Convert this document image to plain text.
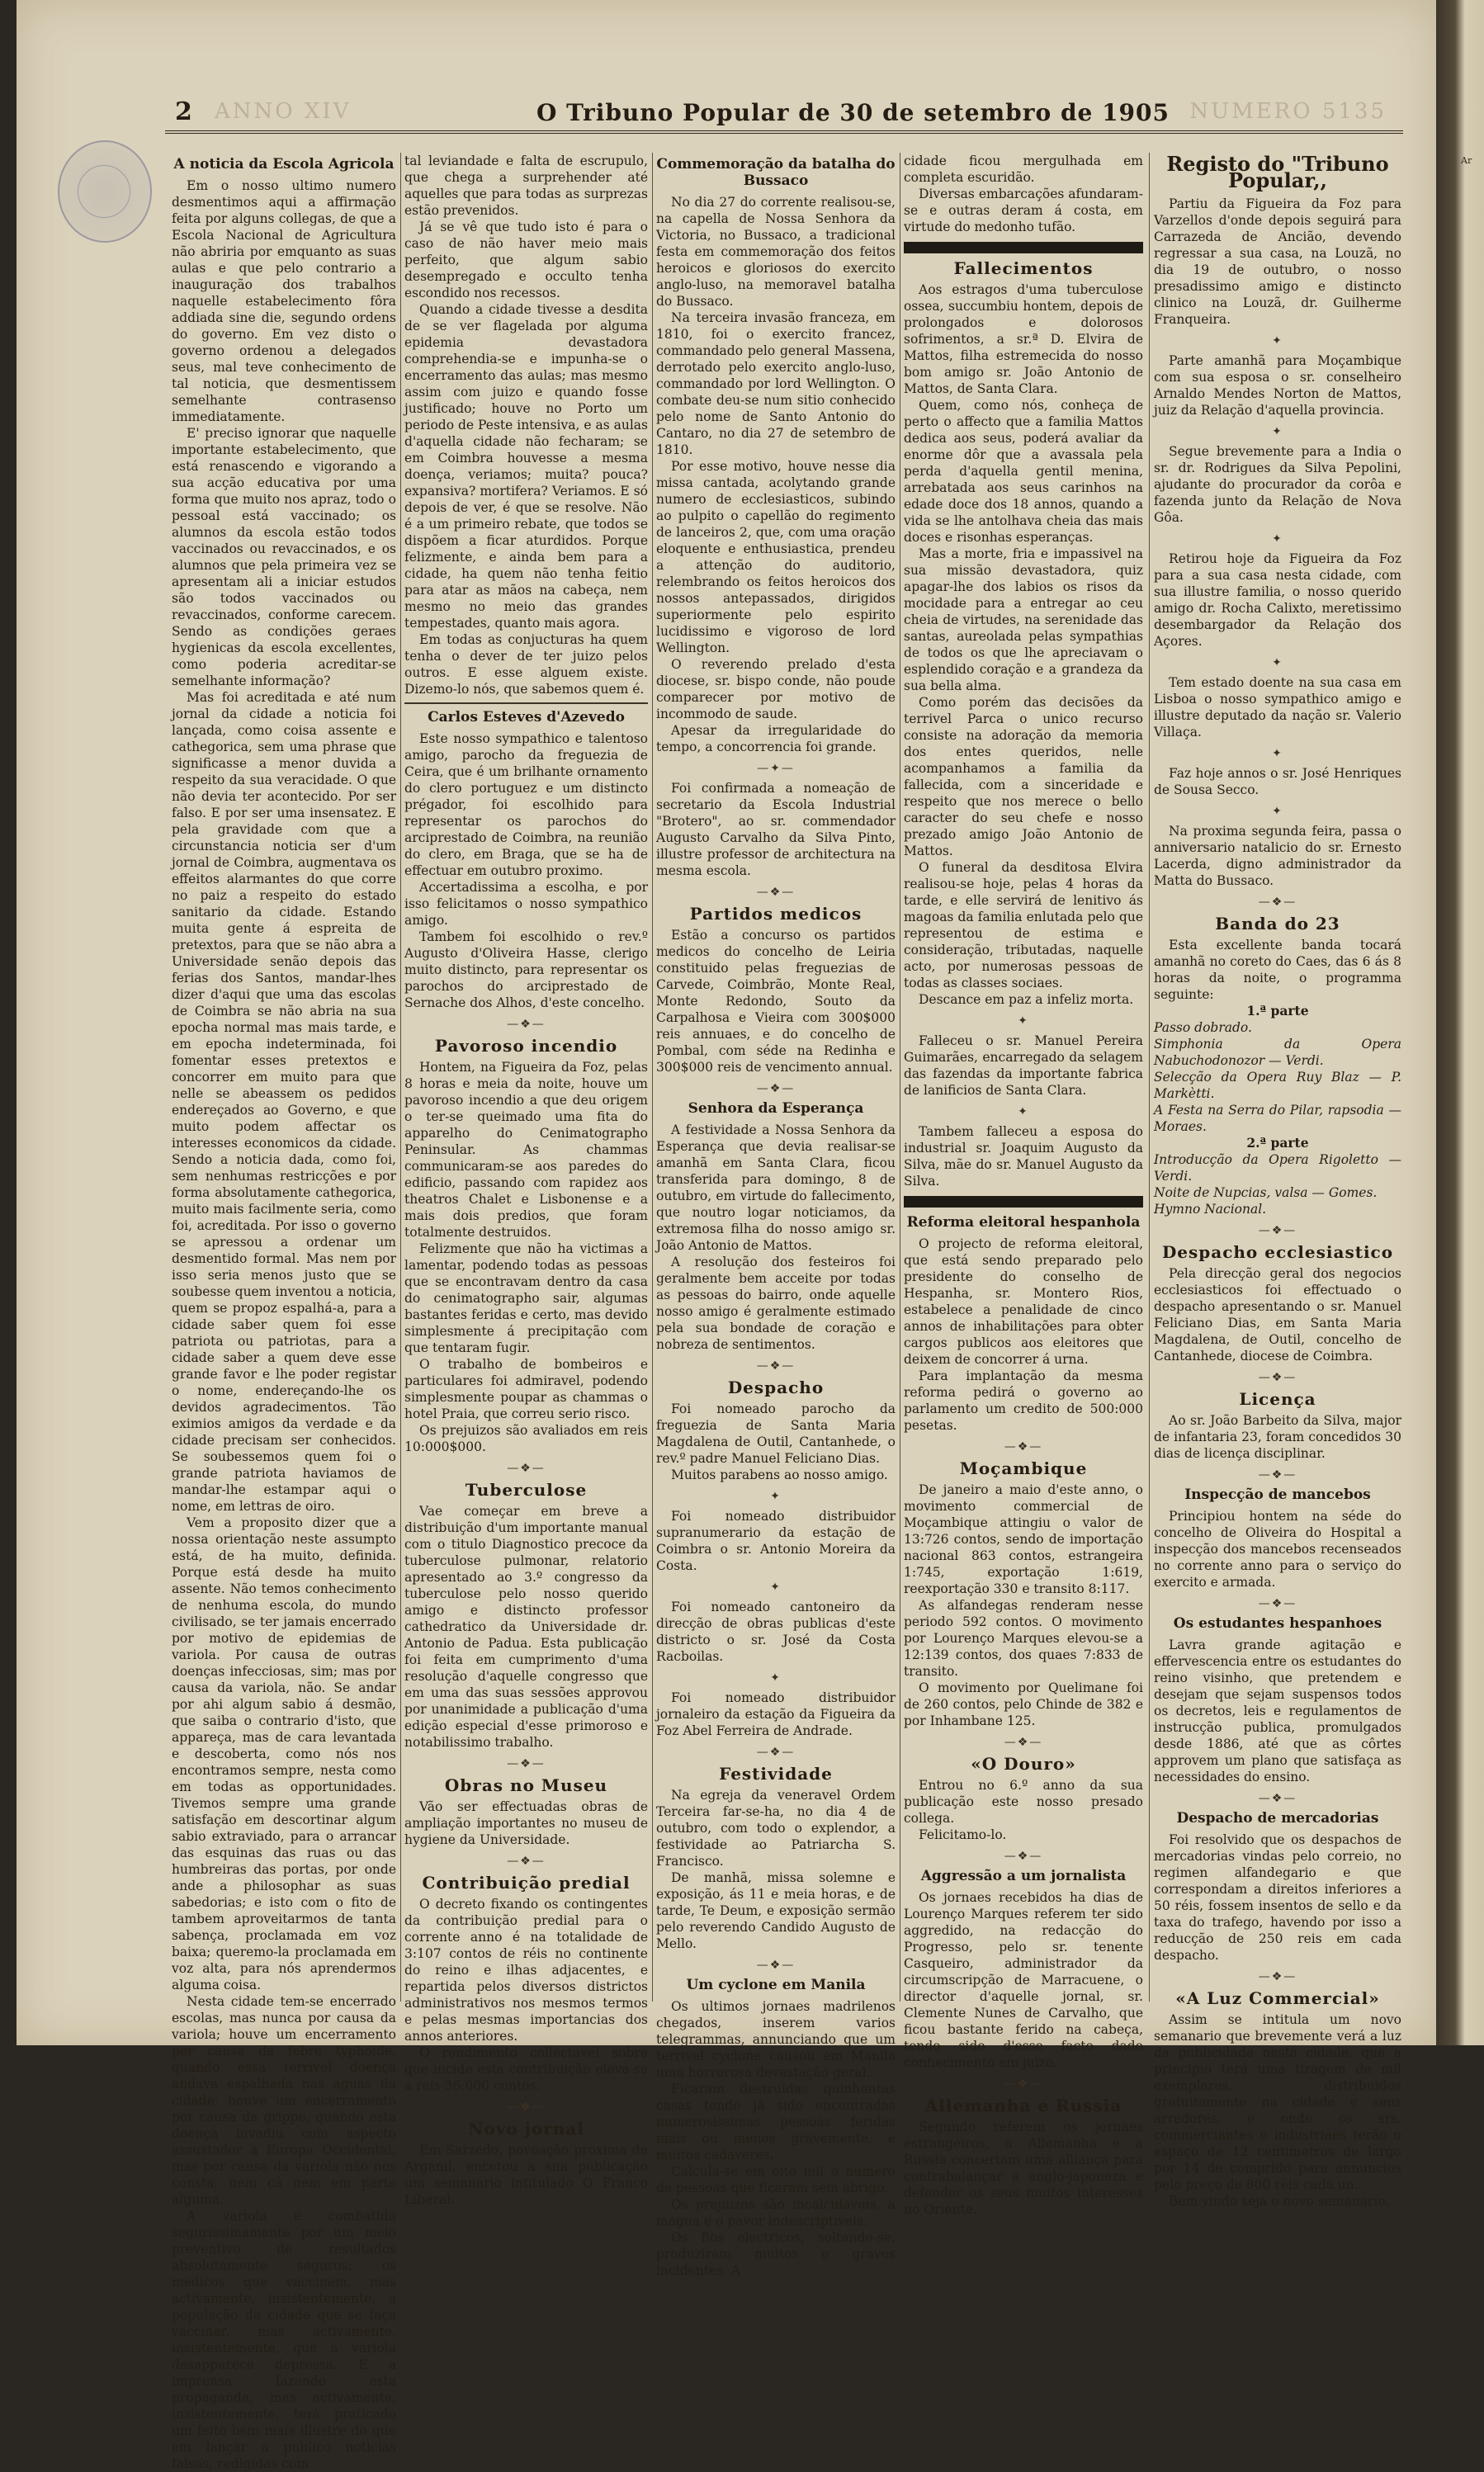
2 ANNO XIV	O Tribuno Popular de 30 de setembro de 1905 NUMERO 5135
A noticia da Escola Agricola

Em o nosso ultimo numero desmentimos aqui a affirmação feita por alguns collegas, de que a Escola Nacional de Agricultura não abriria por emquanto as suas aulas e que pelo contrario a inauguração dos trabalhos naquelle estabelecimento fôra addiada sine die, segundo ordens do governo. Em vez disto o governo ordenou a delegados seus, mal teve conhecimento de tal noticia, que desmentissem semelhante contrasenso immediatamente.

E' preciso ignorar que naquelle importante estabelecimento, que está renascendo e vigorando a sua acção educativa por uma forma que muito nos apraz, todo o pessoal está vaccinado; os alumnos da escola estão todos vaccinados ou revaccinados, e os alumnos que pela primeira vez se apresentam ali a iniciar estudos são todos vaccinados ou revaccinados, conforme carecem. Sendo as condições geraes hygienicas da escola excellentes, como poderia acreditar-se semelhante informação?

Mas foi acreditada e até num jornal da cidade a noticia foi lançada, como coisa assente e cathegorica, sem uma phrase que significasse a menor duvida a respeito da sua veracidade. O que não devia ter acontecido. Por ser falso. E por ser uma insensatez. E pela gravidade com que a circunstancia noticia ser d'um jornal de Coimbra, augmentava os effeitos alarmantes do que corre no paiz a respeito do estado sanitario da cidade. Estando muita gente á espreita de pretextos, para que se não abra a Universidade senão depois das ferias dos Santos, mandar-lhes dizer d'aqui que uma das escolas de Coimbra se não abria na sua epocha normal mas mais tarde, e em epocha indeterminada, foi fomentar esses pretextos e concorrer em muito para que nelle se abeassem os pedidos endereçados ao Governo, e que muito podem affectar os interesses economicos da cidade. Sendo a noticia dada, como foi, sem nenhumas restricções e por forma absolutamente cathegorica, muito mais facilmente seria, como foi, acreditada. Por isso o governo se apressou a ordenar um desmentido formal. Mas nem por isso seria menos justo que se soubesse quem inventou a noticia, quem se propoz espalhá-a, para a cidade saber quem foi esse patriota ou patriotas, para a cidade saber a quem deve esse grande favor e lhe poder registar o nome, endereçando-lhe os devidos agradecimentos. Tão eximios amigos da verdade e da cidade precisam ser conhecidos. Se soubessemos quem foi o grande patriota haviamos de mandar-lhe estampar aqui o nome, em lettras de oiro.

Vem a proposito dizer que a nossa orientação neste assumpto está, de ha muito, definida. Porque está desde ha muito assente. Não temos conhecimento de nenhuma escola, do mundo civilisado, se ter jamais encerrado por motivo de epidemias de variola. Por causa de outras doenças infecciosas, sim; mas por causa da variola, não. Se andar por ahi algum sabio á desmão, que saiba o contrario d'isto, que appareça, mas de cara levantada e descoberta, como nós nos encontramos sempre, nesta como em todas as opportunidades. Tivemos sempre uma grande satisfação em descortinar algum sabio extraviado, para o arrancar das esquinas das ruas ou das humbreiras das portas, por onde ande a philosophar as suas sabedorias; e isto com o fito de tambem aproveitarmos de tanta sabença, proclamada em voz baixa; queremo-la proclamada em voz alta, para nós aprendermos alguma coisa.

Nesta cidade tem-se encerrado escolas, mas nunca por causa da variola; houve um encerramento por causa da febre typhoide, quando essa terrivel doença andava espalhada nas aguas da cidade; houve um encerramento por causa da grippe, quando esta doença invadiu com aspecto assustador a Europa Occidental; mas por causa da variola não nos consta; nem cá nem em parte alguma.

A variola é combatida segurissimamente por um meio preventivo de resultados absolutamente seguros; os medicos que vaccinem, mas activamente, insistentemente, a população da cidade que se faça vaccinar, mas activamente, insistentemente, que a variola desapparece depressa. E a imprensa fazendo esta propaganda, mas activamente, insistentemente, terá praticado um feito bem mais illustre do que em lançar a publico noticias falsas, redigidas com

tal leviandade e falta de escrupulo, que chega a surprehender até aquelles que para todas as surprezas estão prevenidos.

Já se vê que tudo isto é para o caso de não haver meio mais perfeito, que algum sabio desempregado e occulto tenha escondido nos recessos.

Quando a cidade tivesse a desdita de se ver flagelada por alguma epidemia devastadora comprehendia-se e impunha-se o encerramento das aulas; mas mesmo assim com juizo e quando fosse justificado; houve no Porto um periodo de Peste intensiva, e as aulas d'aquella cidade não fecharam; se em Coimbra houvesse a mesma doença, veriamos; muita? pouca? expansiva? mortifera? Veriamos. E só depois de ver, é que se resolve. Não é a um primeiro rebate, que todos se dispõem a ficar aturdidos. Porque felizmente, e ainda bem para a cidade, ha quem não tenha feitio para atar as mãos na cabeça, nem mesmo no meio das grandes tempestades, quanto mais agora.

Em todas as conjucturas ha quem tenha o dever de ter juizo pelos outros. E esse alguem existe. Dizemo-lo nós, que sabemos quem é.

Carlos Esteves d'Azevedo

Este nosso sympathico e talentoso amigo, parocho da freguezia de Ceira, que é um brilhante ornamento do clero portuguez e um distincto prégador, foi escolhido para representar os parochos do arciprestado de Coimbra, na reunião do clero, em Braga, que se ha de effectuar em outubro proximo.

Accertadissima a escolha, e por isso felicitamos o nosso sympathico amigo.

Tambem foi escolhido o rev.º Augusto d'Oliveira Hasse, clerigo muito distincto, para representar os parochos do arciprestado de Sernache dos Alhos, d'este concelho.

—❖—
Pavoroso incendio

Hontem, na Figueira da Foz, pelas 8 horas e meia da noite, houve um pavoroso incendio a que deu origem o ter-se queimado uma fita do apparelho do Cenimatographo Peninsular. As chammas communicaram-se aos paredes do edificio, passando com rapidez aos theatros Chalet e Lisbonense e a mais dois predios, que foram totalmente destruidos.

Felizmente que não ha victimas a lamentar, podendo todas as pessoas que se encontravam dentro da casa do cenimatographo sair, algumas bastantes feridas e certo, mas devido simplesmente á precipitação com que tentaram fugir.

O trabalho de bombeiros e particulares foi admiravel, podendo simplesmente poupar as chammas o hotel Praia, que correu serio risco.

Os prejuizos são avaliados em reis 10:000$000.

—❖—
Tuberculose

Vae começar em breve a distribuição d'um importante manual com o titulo Diagnostico precoce da tuberculose pulmonar, relatorio apresentado ao 3.º congresso da tuberculose pelo nosso querido amigo e distincto professor cathedratico da Universidade dr. Antonio de Padua. Esta publicação foi feita em cumprimento d'uma resolução d'aquelle congresso que em uma das suas sessões approvou por unanimidade a publicação d'uma edição especial d'esse primoroso e notabilissimo trabalho.

—❖—
Obras no Museu

Vão ser effectuadas obras de ampliação importantes no museu de hygiene da Universidade.

—❖—
Contribuição predial

O decreto fixando os contingentes da contribuição predial para o corrente anno é na totalidade de 3:107 contos de réis no continente do reino e ilhas adjacentes, e repartida pelos diversos districtos administrativos nos mesmos termos e pelas mesmas importancias dos annos anteriores.

O rendimento collectavel sobre que incide esta contribuição eleva-se a reis 36:000 contos.

—❖—
Novo jornal

Em Sarzedo, povoação proxima de Arganil, encetou a sua publicação um semanario intitulado O Franco Liberal.

Commemoração da batalha do Bussaco

No dia 27 do corrente realisou-se, na capella de Nossa Senhora da Victoria, no Bussaco, a tradicional festa em commemoração dos feitos heroicos e gloriosos do exercito anglo-luso, na memoravel batalha do Bussaco.

Na terceira invasão franceza, em 1810, foi o exercito francez, commandado pelo general Massena, derrotado pelo exercito anglo-luso, commandado por lord Wellington. O combate deu-se num sitio conhecido pelo nome de Santo Antonio do Cantaro, no dia 27 de setembro de 1810.

Por esse motivo, houve nesse dia missa cantada, acolytando grande numero de ecclesiasticos, subindo ao pulpito o capellão do regimento de lanceiros 2, que, com uma oração eloquente e enthusiastica, prendeu a attenção do auditorio, relembrando os feitos heroicos dos nossos antepassados, dirigidos superiormente pelo espirito lucidissimo e vigoroso de lord Wellington.

O reverendo prelado d'esta diocese, sr. bispo conde, não poude comparecer por motivo de incommodo de saude.

Apesar da irregularidade do tempo, a concorrencia foi grande.

—✦—

Foi confirmada a nomeação de secretario da Escola Industrial "Brotero", ao sr. commendador Augusto Carvalho da Silva Pinto, illustre professor de architectura na mesma escola.

—❖—
Partidos medicos

Estão a concurso os partidos medicos do concelho de Leiria constituido pelas freguezias de Carvede, Coimbrão, Monte Real, Monte Redondo, Souto da Carpalhosa e Vieira com 300$000 reis annuaes, e do concelho de Pombal, com séde na Redinha e 300$000 reis de vencimento annual.

—❖—
Senhora da Esperança

A festividade a Nossa Senhora da Esperança que devia realisar-se amanhã em Santa Clara, ficou transferida para domingo, 8 de outubro, em virtude do fallecimento, que noutro logar noticiamos, da extremosa filha do nosso amigo sr. João Antonio de Mattos.

A resolução dos festeiros foi geralmente bem acceite por todas as pessoas do bairro, onde aquelle nosso amigo é geralmente estimado pela sua bondade de coração e nobreza de sentimentos.

—❖—
Despacho

Foi nomeado parocho da freguezia de Santa Maria Magdalena de Outil, Cantanhede, o rev.º padre Manuel Feliciano Dias.

Muitos parabens ao nosso amigo.

✦

Foi nomeado distribuidor supranumerario da estação de Coimbra o sr. Antonio Moreira da Costa.

✦

Foi nomeado cantoneiro da direcção de obras publicas d'este districto o sr. José da Costa Racboilas.

✦

Foi nomeado distribuidor jornaleiro da estação da Figueira da Foz Abel Ferreira de Andrade.

—❖—
Festividade

Na egreja da veneravel Ordem Terceira far-se-ha, no dia 4 de outubro, com todo o explendor, a festividade ao Patriarcha S. Francisco.

De manhã, missa solemne e exposição, ás 11 e meia horas, e de tarde, Te Deum, e exposição sermão pelo reverendo Candido Augusto de Mello.

—❖—
Um cyclone em Manila

Os ultimos jornaes madrilenos chegados, inserem varios telegrammas, annunciando que um terrivel cyclone causou em Manila uma horrorosa devastação geral.

Ficaram destruidas quinhentas casas tendo já sido encontradas numerosissimas pessoas feridas mais ou menos gravemente, e muitos cadaveres.

Calcula-se em oito mil o numero de pessoas que ficaram sem abrigo.

Os prejuizos são incalculaveis, a magua e o pavor indescriptiveis.

Os fios electricos, soltando-se, produziram muitos e graves incidentes. A

cidade ficou mergulhada em completa escuridão.

Diversas embarcações afundaram-se e outras deram á costa, em virtude do medonho tufão.

Fallecimentos

Aos estragos d'uma tuberculose ossea, succumbiu hontem, depois de prolongados e dolorosos sofrimentos, a sr.ª D. Elvira de Mattos, filha estremecida do nosso bom amigo sr. João Antonio de Mattos, de Santa Clara.

Quem, como nós, conheça de perto o affecto que a familia Mattos dedica aos seus, poderá avaliar da enorme dôr que a avassala pela perda d'aquella gentil menina, arrebatada aos seus carinhos na edade doce dos 18 annos, quando a vida se lhe antolhava cheia das mais doces e risonhas esperanças.

Mas a morte, fria e impassivel na sua missão devastadora, quiz apagar-lhe dos labios os risos da mocidade para a entregar ao ceu cheia de virtudes, na serenidade das santas, aureolada pelas sympathias de todos os que lhe apreciavam o esplendido coração e a grandeza da sua bella alma.

Como porém das decisões da terrivel Parca o unico recurso consiste na adoração da memoria dos entes queridos, nelle acompanhamos a familia da fallecida, com a sinceridade e respeito que nos merece o bello caracter do seu chefe e nosso prezado amigo João Antonio de Mattos.

O funeral da desditosa Elvira realisou-se hoje, pelas 4 horas da tarde, e elle servirá de lenitivo ás magoas da familia enlutada pelo que representou de estima e consideração, tributadas, naquelle acto, por numerosas pessoas de todas as classes sociaes.

Descance em paz a infeliz morta.

✦

Falleceu o sr. Manuel Pereira Guimarães, encarregado da selagem das fazendas da importante fabrica de lanificios de Santa Clara.

✦

Tambem falleceu a esposa do industrial sr. Joaquim Augusto da Silva, mãe do sr. Manuel Augusto da Silva.

Reforma eleitoral hespanhola

O projecto de reforma eleitoral, que está sendo preparado pelo presidente do conselho de Hespanha, sr. Montero Rios, estabelece a penalidade de cinco annos de inhabilitações para obter cargos publicos aos eleitores que deixem de concorrer á urna.

Para implantação da mesma reforma pedirá o governo ao parlamento um credito de 500:000 pesetas.

—❖—
Moçambique

De janeiro a maio d'este anno, o movimento commercial de Moçambique attingiu o valor de 13:726 contos, sendo de importação nacional 863 contos, estrangeira 1:745, exportação 1:619, reexportação 330 e transito 8:117.

As alfandegas renderam nesse periodo 592 contos. O movimento por Lourenço Marques elevou-se a 12:139 contos, dos quaes 7:833 de transito.

O movimento por Quelimane foi de 260 contos, pelo Chinde de 382 e por Inhambane 125.

—❖—
«O Douro»

Entrou no 6.º anno da sua publicação este nosso presado collega.

Felicitamo-lo.

—❖—
Aggressão a um jornalista

Os jornaes recebidos ha dias de Lourenço Marques referem ter sido aggredido, na redacção do Progresso, pelo sr. tenente Casqueiro, administrador da circumscripção de Marracuene, o director d'aquelle jornal, sr. Clemente Nunes de Carvalho, que ficou bastante ferido na cabeça, tendo sido d'esse facto dado conhecimento em juizo.

—❖—
Allemanha e Russia

Segundo referem os jornaes estrangeiros, a Allemanha e a Russia concertam uma alliança para contrabalançar a anglo-japoneza e defender os seus muitos interesses no Oriente.

Registo do "Tribuno Popular,,

Partiu da Figueira da Foz para Varzellos d'onde depois seguirá para Carrazeda de Ancião, devendo regressar a sua casa, na Louzã, no dia 19 de outubro, o nosso presadissimo amigo e distincto clinico na Louzã, dr. Guilherme Franqueira.

✦

Parte amanhã para Moçambique com sua esposa o sr. conselheiro Arnaldo Mendes Norton de Mattos, juiz da Relação d'aquella provincia.

✦

Segue brevemente para a India o sr. dr. Rodrigues da Silva Pepolini, ajudante do procurador da corôa e fazenda junto da Relação de Nova Gôa.

✦

Retirou hoje da Figueira da Foz para a sua casa nesta cidade, com sua illustre familia, o nosso querido amigo dr. Rocha Calixto, meretissimo desembargador da Relação dos Açores.

✦

Tem estado doente na sua casa em Lisboa o nosso sympathico amigo e illustre deputado da nação sr. Valerio Villaça.

✦

Faz hoje annos o sr. José Henriques de Sousa Secco.

✦

Na proxima segunda feira, passa o anniversario natalicio do sr. Ernesto Lacerda, digno administrador da Matta do Bussaco.

—❖—
Banda do 23

Esta excellente banda tocará amanhã no coreto do Caes, das 6 ás 8 horas da noite, o programma seguinte:

1.ª parte

Passo dobrado.

Simphonia da Opera Nabuchodonozor — Verdi.

Selecção da Opera Ruy Blaz — P. Markètti.

A Festa na Serra do Pilar, rapsodia — Moraes.

2.ª parte

Introducção da Opera Rigoletto — Verdi.

Noite de Nupcias, valsa — Gomes.

Hymno Nacional.

—❖—
Despacho ecclesiastico

Pela direcção geral dos negocios ecclesiasticos foi effectuado o despacho apresentando o sr. Manuel Feliciano Dias, em Santa Maria Magdalena, de Outil, concelho de Cantanhede, diocese de Coimbra.

—❖—
Licença

Ao sr. João Barbeito da Silva, major de infantaria 23, foram concedidos 30 dias de licença disciplinar.

—❖—
Inspecção de mancebos

Principiou hontem na séde do concelho de Oliveira do Hospital a inspecção dos mancebos recenseados no corrente anno para o serviço do exercito e armada.

—❖—
Os estudantes hespanhoes

Lavra grande agitação e effervescencia entre os estudantes do reino visinho, que pretendem e desejam que sejam suspensos todos os decretos, leis e regulamentos de instrucção publica, promulgados desde 1886, até que as côrtes approvem um plano que satisfaça as necessidades do ensino.

—❖—
Despacho de mercadorias

Foi resolvido que os despachos de mercadorias vindas pelo correio, no regimen alfandegario e que correspondam a direitos inferiores a 50 réis, fossem insentos de sello e da taxa do trafego, havendo por isso a reducção de 250 reis em cada despacho.

—❖—
«A Luz Commercial»

Assim se intitula um novo semanario que brevemente verá a luz da publicidade nesta cidade, que a principio terá uma tiragem de mil exemplares, distribuidos gratuitamente na cidade e seus arredores, e onde os srs. commerciantes e industriaes terão o espaço de 12 centimetros de largo por 14 de comprido para annuncios pelo preço de 800 réis cada un.

Bem vindo seja o novo semanario.

Ar
